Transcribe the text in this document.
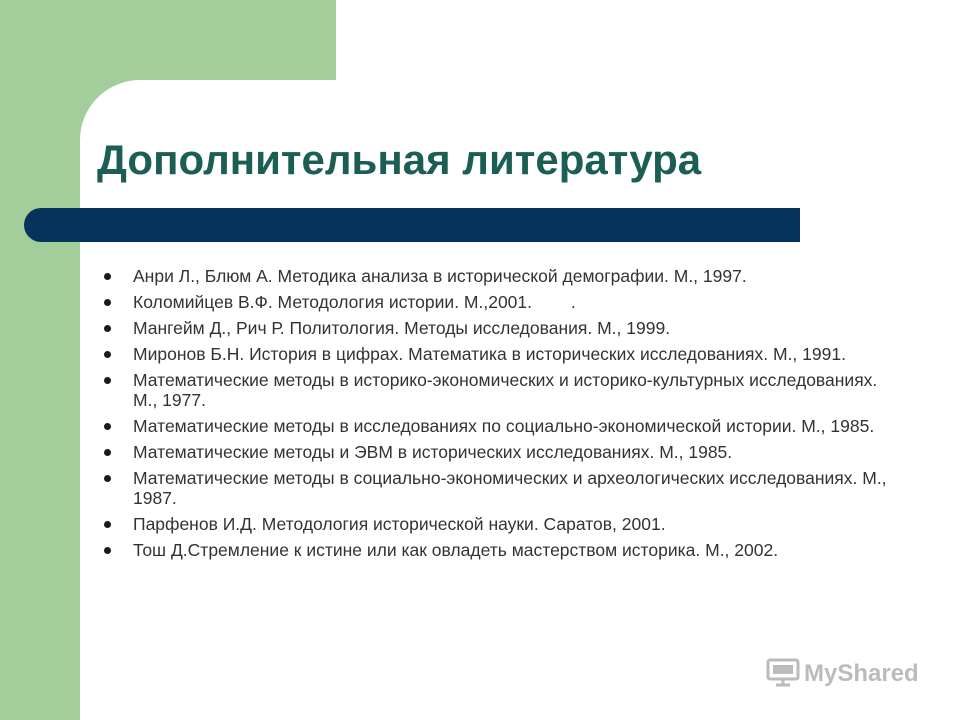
Дополнительная литература
Анри Л., Блюм А. Методика анализа в исторической демографии. М., 1997.
Коломийцев В.Ф. Методология истории. М.,2001.        .
Мангейм Д., Рич Р. Политология. Методы исследования. М., 1999.
Миронов Б.Н. История в цифрах. Математика в исторических исследованиях. М., 1991.
Математические методы в историко-экономических и историко-культурных исследованиях. М., 1977.
Математические методы в исследованиях по социально-экономической истории. М., 1985.
Математические методы и ЭВМ в исторических исследованиях. М., 1985.
Математические методы в социально-экономических и археологических исследованиях. М., 1987.
Парфенов И.Д. Методология исторической науки. Саратов, 2001.
Тош Д.Стремление к истине или как овладеть мастерством историка. М., 2002.
MyShared
